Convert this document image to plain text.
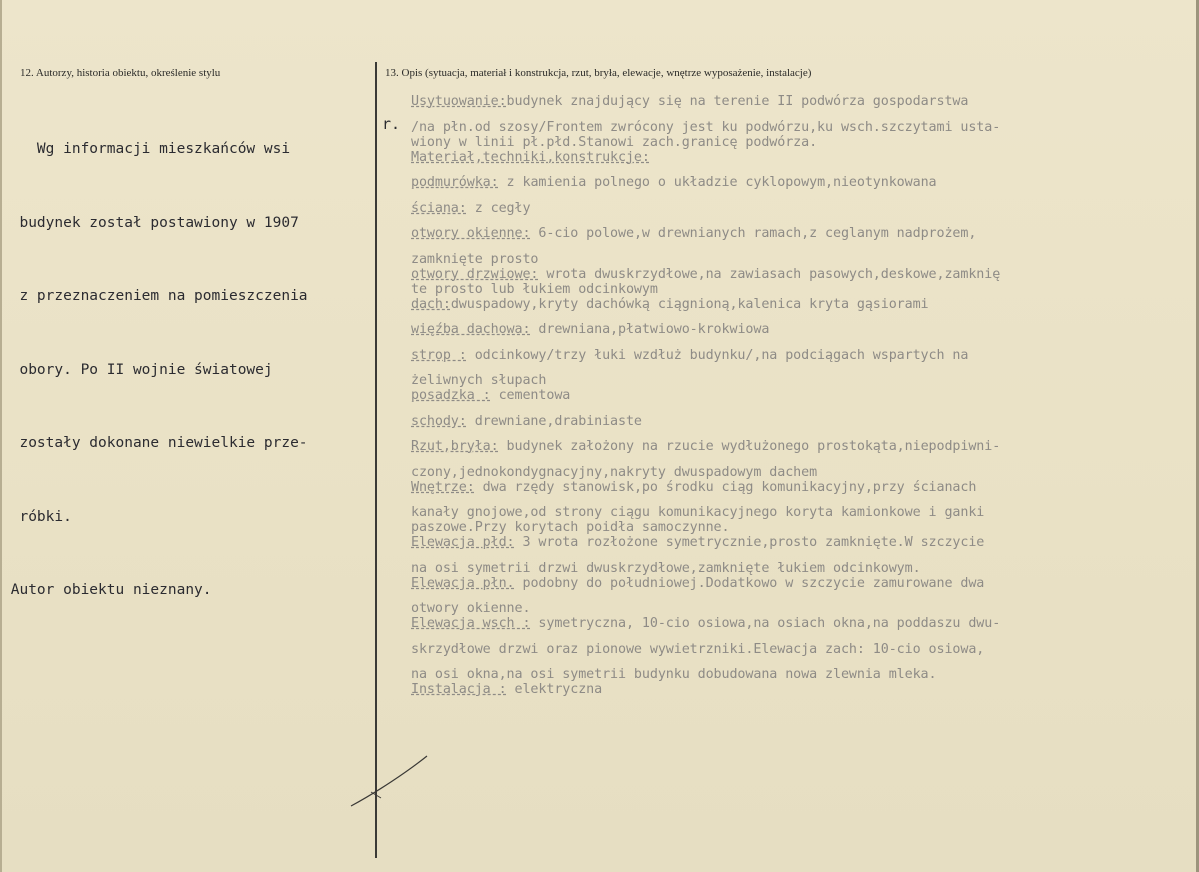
12. Autorzy, historia obiektu, określenie stylu	13. Opis (sytuacja, materiał i konstrukcja, rzut, bryła, elewacje, wnętrze wyposażenie, instalacje)

Wg informacji mieszkańców wsi

budynek został postawiony w 1907

z przeznaczeniem na pomieszczenia

obory. Po II wojnie światowej

zostały dokonane niewielkie prze-

róbki.

Autor obiektu nieznany.

r.
Usytuowanie:budynek znajdujący się na terenie II podwórza gospodarstwa
/na płn.od szosy/Frontem zwrócony jest ku podwórzu,ku wsch.szczytami usta-
wiony w linii pł.płd.Stanowi zach.granicę podwórza.
Materiał,techniki,konstrukcje:
podmurówka: z kamienia polnego o układzie cyklopowym,nieotynkowana
ściana: z cegły
otwory okienne: 6-cio polowe,w drewnianych ramach,z ceglanym nadprożem,
zamknięte prosto
otwory drzwiowe: wrota dwuskrzydłowe,na zawiasach pasowych,deskowe,zamknię
te prosto lub łukiem odcinkowym
dach:dwuspadowy,kryty dachówką ciągnioną,kalenica kryta gąsiorami
więźba dachowa: drewniana,płatwiowo-krokwiowa
strop : odcinkowy/trzy łuki wzdłuż budynku/,na podciągach wspartych na
żeliwnych słupach
posadzka : cementowa
schody: drewniane,drabiniaste
Rzut,bryła: budynek założony na rzucie wydłużonego prostokąta,niepodpiwni-
czony,jednokondygnacyjny,nakryty dwuspadowym dachem
Wnętrze: dwa rzędy stanowisk,po środku ciąg komunikacyjny,przy ścianach
kanały gnojowe,od strony ciągu komunikacyjnego koryta kamionkowe i ganki
paszowe.Przy korytach poidła samoczynne.
Elewacja płd: 3 wrota rozłożone symetrycznie,prosto zamknięte.W szczycie
na osi symetrii drzwi dwuskrzydłowe,zamknięte łukiem odcinkowym.
Elewacja płn. podobny do południowej.Dodatkowo w szczycie zamurowane dwa
otwory okienne.
Elewacja wsch : symetryczna, 10-cio osiowa,na osiach okna,na poddaszu dwu-
skrzydłowe drzwi oraz pionowe wywietrzniki.Elewacja zach: 10-cio osiowa,
na osi okna,na osi symetrii budynku dobudowana nowa zlewnia mleka.
Instalacja : elektryczna
